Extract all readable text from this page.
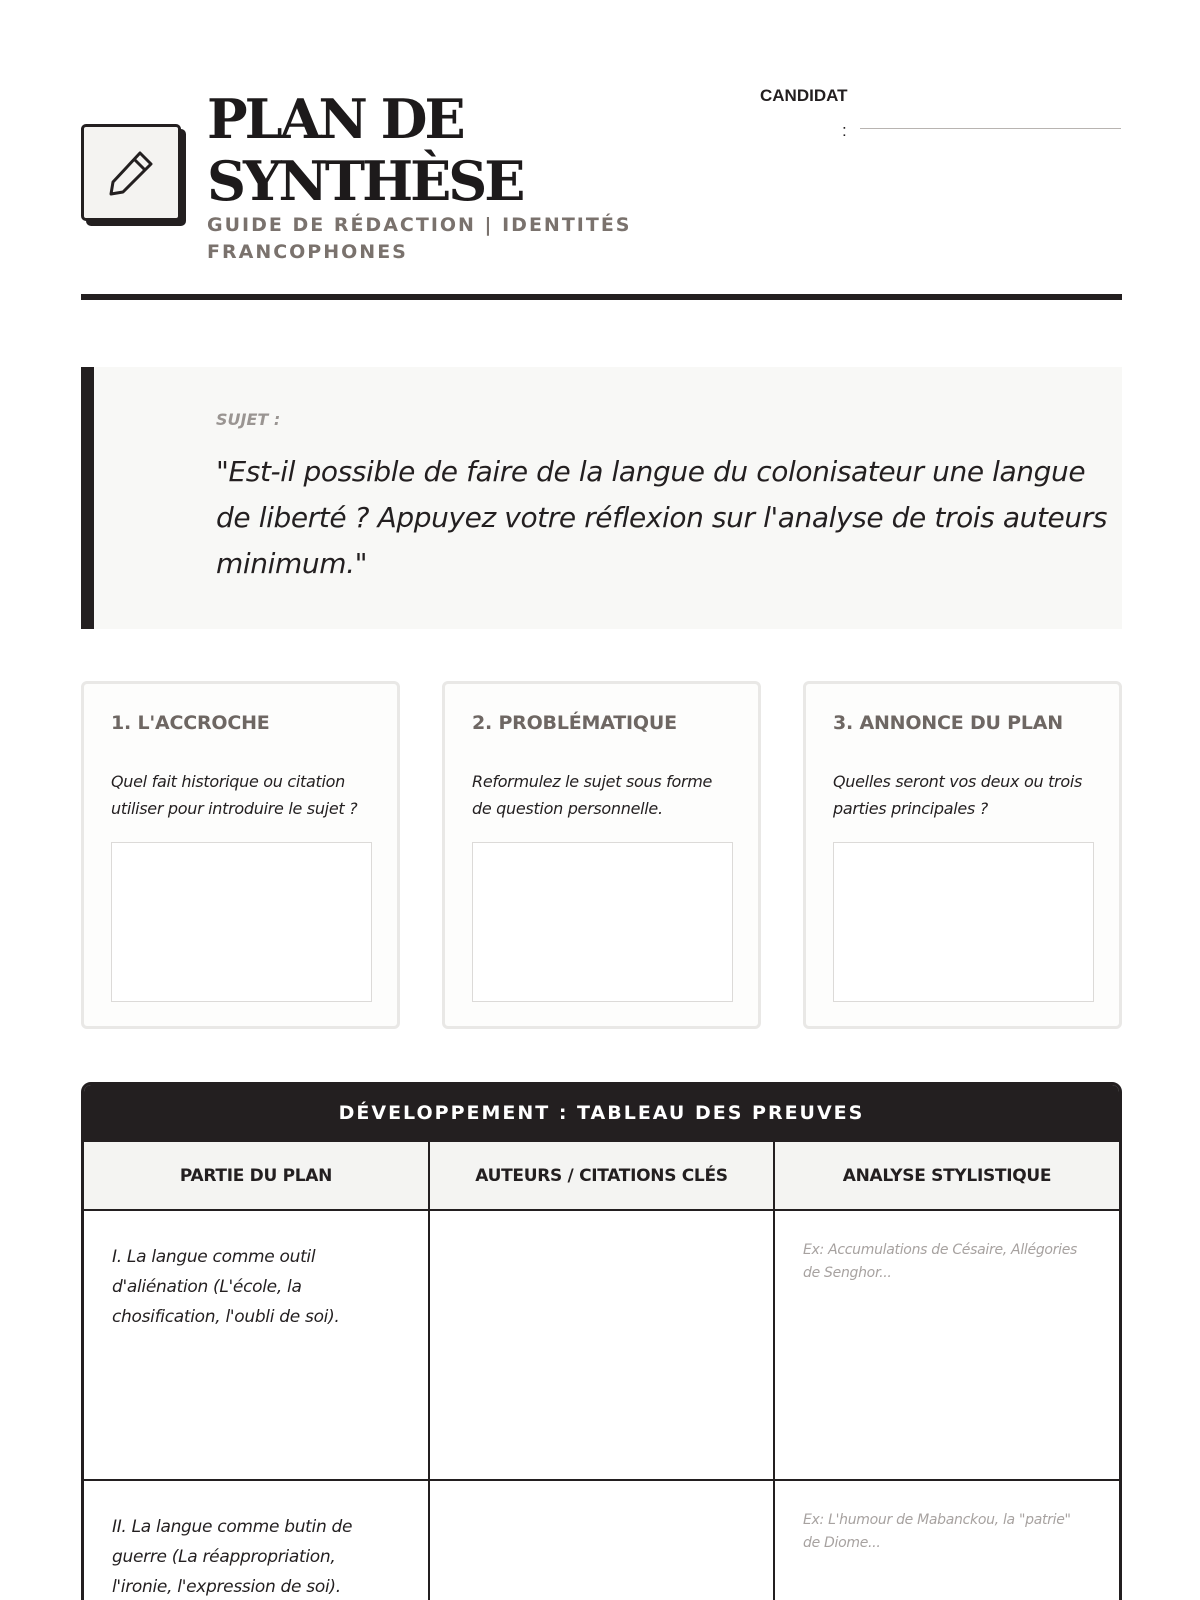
PLAN DE SYNTHÈSE
GUIDE DE RÉDACTION | IDENTITÉS FRANCOPHONES
CANDIDAT
:
SUJET :
"Est-il possible de faire de la langue du colonisateur une langue de liberté ? Appuyez votre réflexion sur l'analyse de trois auteurs minimum."
1. L'ACCROCHE
Quel fait historique ou citation utiliser pour introduire le sujet ?
2. PROBLÉMATIQUE
Reformulez le sujet sous forme de question personnelle.
3. ANNONCE DU PLAN
Quelles seront vos deux ou trois parties principales ?
DÉVELOPPEMENT : TABLEAU DES PREUVES
PARTIE DU PLAN	AUTEURS / CITATIONS CLÉS	ANALYSE STYLISTIQUE

I. La langue comme outil d'aliénation (L'école, la chosification, l'oubli de soi).		Ex: Accumulations de Césaire, Allégories de Senghor...

II. La langue comme butin de guerre (La réappropriation, l'ironie, l'expression de soi).		Ex: L'humour de Mabanckou, la "patrie" de Diome...
